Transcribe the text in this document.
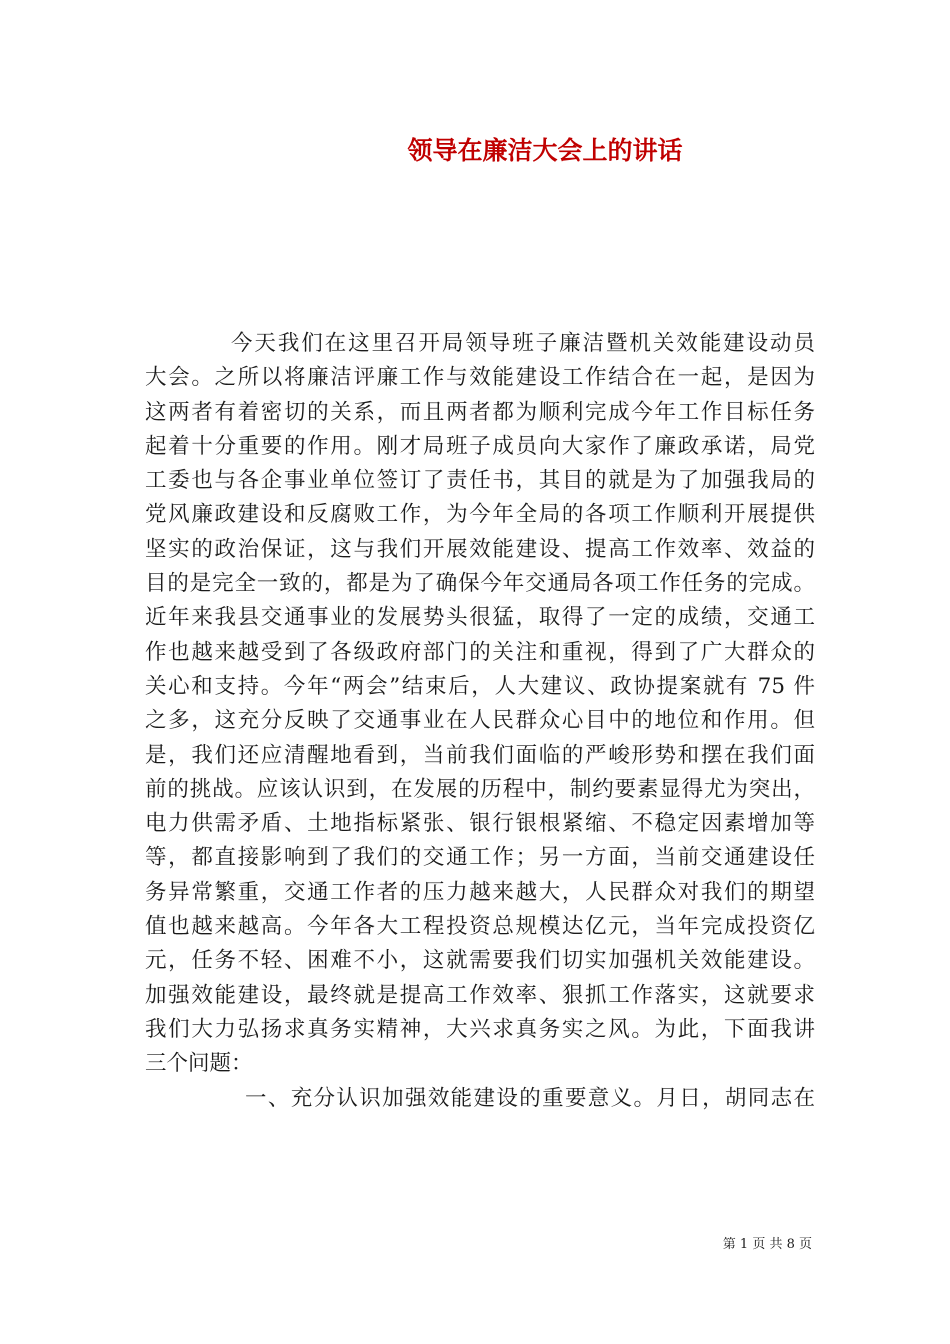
领导在廉洁大会上的讲话
今天我们在这里召开局领导班子廉洁暨机关效能建设动员
大会。之所以将廉洁评廉工作与效能建设工作结合在一起，是因为
这两者有着密切的关系，而且两者都为顺利完成今年工作目标任务
起着十分重要的作用。刚才局班子成员向大家作了廉政承诺，局党
工委也与各企事业单位签订了责任书，其目的就是为了加强我局的
党风廉政建设和反腐败工作，为今年全局的各项工作顺利开展提供
坚实的政治保证，这与我们开展效能建设、提高工作效率、效益的
目的是完全一致的，都是为了确保今年交通局各项工作任务的完成。
近年来我县交通事业的发展势头很猛，取得了一定的成绩，交通工
作也越来越受到了各级政府部门的关注和重视，得到了广大群众的
关心和支持。今年“两会”结束后，人大建议、政协提案就有 75 件
之多，这充分反映了交通事业在人民群众心目中的地位和作用。但
是，我们还应清醒地看到，当前我们面临的严峻形势和摆在我们面
前的挑战。应该认识到，在发展的历程中，制约要素显得尤为突出，
电力供需矛盾、土地指标紧张、银行银根紧缩、不稳定因素增加等
等，都直接影响到了我们的交通工作；另一方面，当前交通建设任
务异常繁重，交通工作者的压力越来越大，人民群众对我们的期望
值也越来越高。今年各大工程投资总规模达亿元，当年完成投资亿
元，任务不轻、困难不小，这就需要我们切实加强机关效能建设。
加强效能建设，最终就是提高工作效率、狠抓工作落实，这就要求
我们大力弘扬求真务实精神，大兴求真务实之风。为此，下面我讲
三个问题：
一、充分认识加强效能建设的重要意义。月日，胡同志在
第 1 页 共 8 页
